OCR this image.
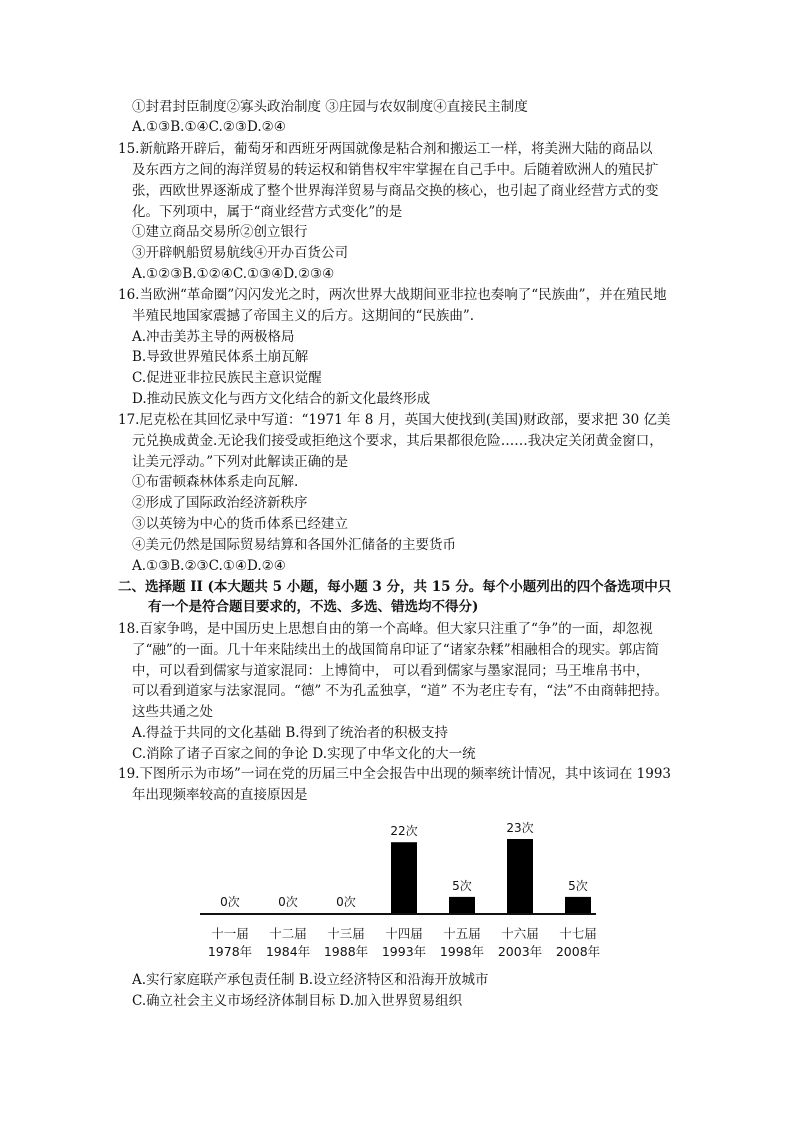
①封君封臣制度②寡头政治制度 ③庄园与农奴制度④直接民主制度
A.①③B.①④C.②③D.②④
15.新航路开辟后，葡萄牙和西班牙两国就像是粘合剂和搬运工一样，将美洲大陆的商品以
及东西方之间的海洋贸易的转运权和销售权牢牢掌握在自己手中。后随着欧洲人的殖民扩
张，西欧世界逐渐成了整个世界海洋贸易与商品交换的核心，也引起了商业经营方式的变
化。下列项中，属于“商业经营方式变化”的是
①建立商品交易所②创立银行
③开辟帆船贸易航线④开办百货公司
A.①②③B.①②④C.①③④D.②③④
16.当欧洲“革命圈”闪闪发光之时，两次世界大战期间亚非拉也奏响了“民族曲”，并在殖民地
半殖民地国家震撼了帝国主义的后方。这期间的“民族曲”.
A.冲击美苏主导的两极格局
B.导致世界殖民体系土崩瓦解
C.促进亚非拉民族民主意识觉醒
D.推动民族文化与西方文化结合的新文化最终形成
17.尼克松在其回忆录中写道：“1971 年 8 月，英国大使找到(美国)财政部，要求把 30 亿美
元兑换成黄金.无论我们接受或拒绝这个要求，其后果都很危险……我决定关闭黄金窗口，
让美元浮动。”下列对此解读正确的是
①布雷顿森林体系走向瓦解.
②形成了国际政治经济新秩序
③以英镑为中心的货币体系已经建立
④美元仍然是国际贸易结算和各国外汇储备的主要货币
A.①③B.②③C.①④D.②④
二、选择题 II (本大题共 5 小题，每小题 3 分，共 15 分。每个小题列出的四个备选项中只
有一个是符合题目要求的，不选、多选、错选均不得分)
18.百家争鸣，是中国历史上思想自由的第一个高峰。但大家只注重了“争”的一面，却忽视
了“融”的一面。几十年来陆续出土的战国简帛印证了“诸家杂糅”相融相合的现实。郭店简
中，可以看到儒家与道家混同：上博简中， 可以看到儒家与墨家混同；马王堆帛书中，
可以看到道家与法家混同。“德” 不为孔孟独享，“道” 不为老庄专有，“法”不由商韩把持。
这些共通之处
A.得益于共同的文化基础 B.得到了统治者的积极支持
C.消除了诸子百家之间的争论 D.实现了中华文化的大一统
19.下图所示为市场”一词在党的历届三中全会报告中出现的频率统计情况，其中该词在 1993
年出现频率较高的直接原因是
0次
十一届
1978年
0次
十二届
1984年
0次
十三届
1988年
22次
十四届
1993年
5次
十五届
1998年
23次
十六届
2003年
5次
十七届
2008年
A.实行家庭联产承包责任制 B.设立经济特区和沿海开放城市
C.确立社会主义市场经济体制目标 D.加入世界贸易组织
